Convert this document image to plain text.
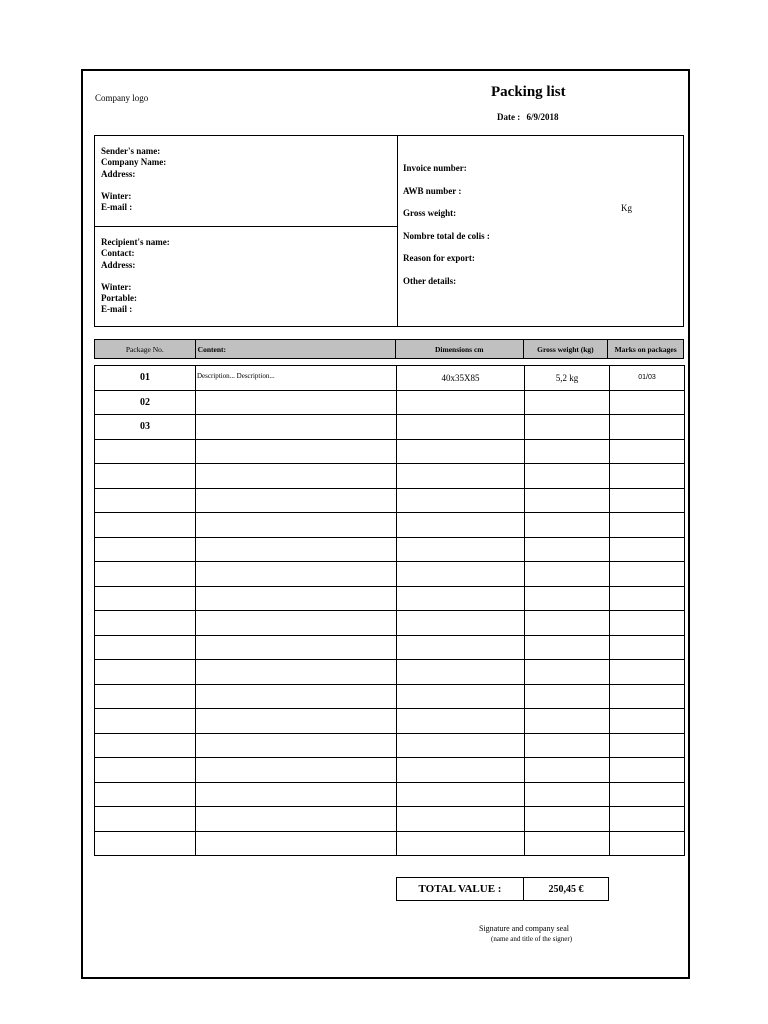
Company logo	Packing list
Date : 6/9/2018
Sender's name:
Company Name:
Address:
Winter:
E-mail :
Recipient's name:
Contact:
Address:
Winter:
Portable:
E-mail :
Invoice number:
AWB number :
Gross weight:
Nombre total de colis :
Reason for export:
Other details:
Kg
Package No.	Content:	Dimensions cm	Gross weight (kg)	Marks on packages
01	Description... Description...	40x35X85	5,2 kg	01/03
02				
03				

TOTAL VALUE :	250,45 €
Signature and company seal
(name and title of the signer)
